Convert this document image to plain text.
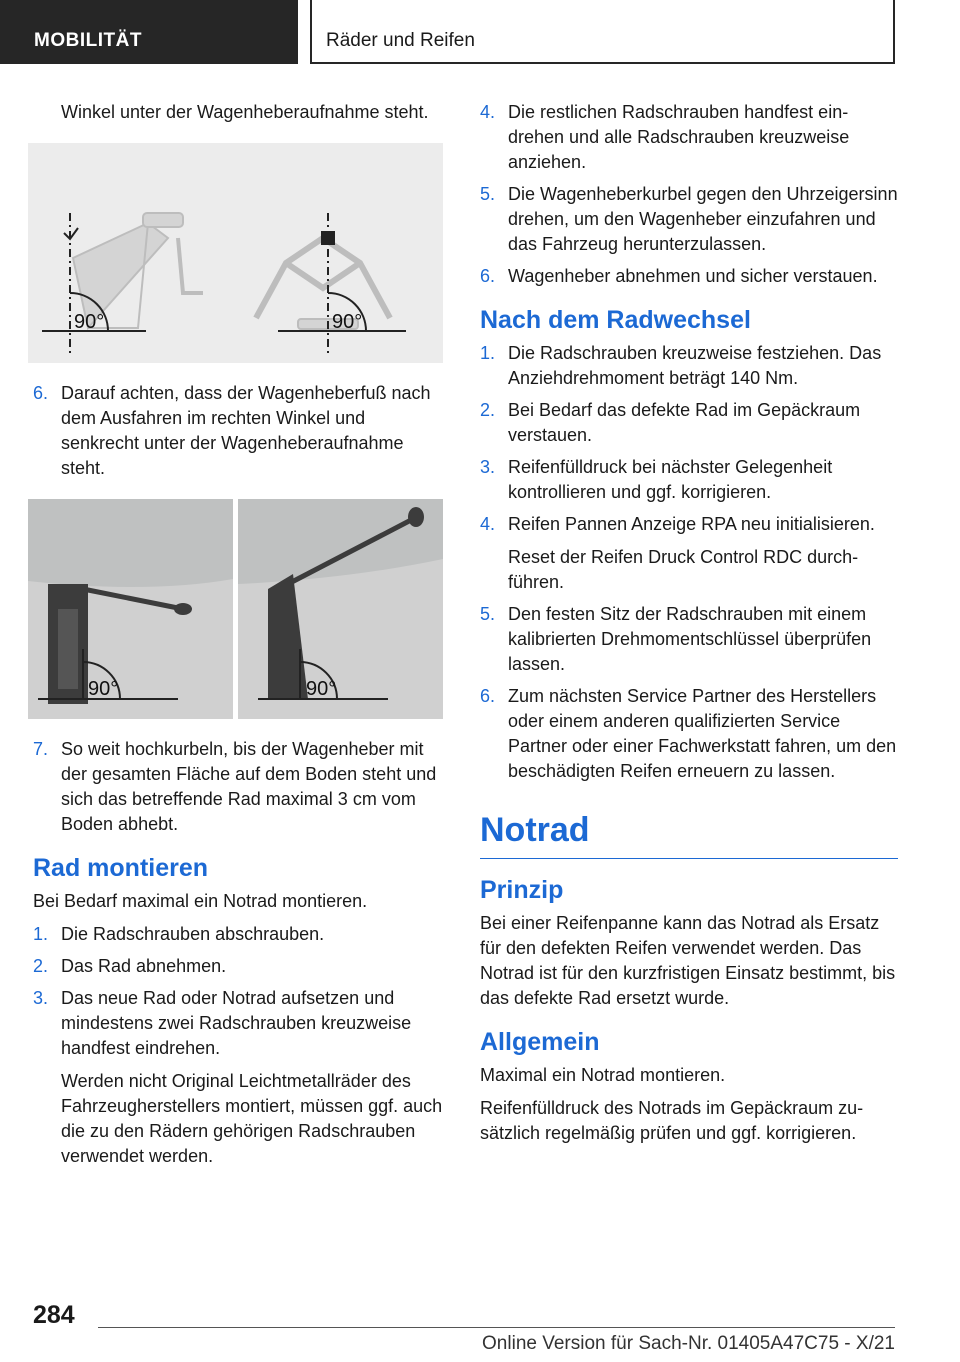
MOBILITÄT	Räder und Reifen

Winkel unter der Wagenheberaufnahme steht.

90°	90°
6 . Darauf achten, dass der Wagenheberfuß nach dem Ausfahren im rechten Winkel und senkrecht unter der Wagenheberaufnahme steht.

90°	90°
7 . So weit hochkurbeln, bis der Wagenheber mit der gesamten Fläche auf dem Boden steht und sich das betreffende Rad maximal 3 cm vom Boden abhebt.

Rad montieren

Bei Bedarf maximal ein Notrad montieren.

1 . Die Radschrauben abschrauben.

2 . Das Rad abnehmen.

3 . Das neue Rad oder Notrad aufsetzen und mindestens zwei Radschrauben kreuzweise handfest eindrehen.

Werden nicht Original Leichtmetallräder des Fahrzeugherstellers montiert, müssen ggf. auch die zu den Rädern gehörigen Radschrauben verwendet werden.

4 . Die restlichen Radschrauben handfest eindrehen und alle Radschrauben kreuzweise anziehen.

5 . Die Wagenheberkurbel gegen den Uhrzeigersinn drehen, um den Wagenheber einzufahren und das Fahrzeug herunterzulassen.

6 . Wagenheber abnehmen und sicher verstauen.

Nach dem Radwechsel
1 . Die Radschrauben kreuzweise festziehen. Das Anziehdrehmoment beträgt 140 Nm.

2 . Bei Bedarf das defekte Rad im Gepäckraum verstauen.

3 . Reifenfülldruck bei nächster Gelegenheit kontrollieren und ggf. korrigieren.

4 . Reifen Pannen Anzeige RPA neu initialisieren.

Reset der Reifen Druck Control RDC durchführen.

5 . Den festen Sitz der Radschrauben mit einem kalibrierten Drehmomentschlüssel überprüfen lassen.

6 . Zum nächsten Service Partner des Herstellers oder einem anderen qualifizierten Service Partner oder einer Fachwerkstatt fahren, um den beschädigten Reifen erneuern zu lassen.

Notrad
Prinzip

Bei einer Reifenpanne kann das Notrad als Ersatz für den defekten Reifen verwendet werden. Das Notrad ist für den kurzfristigen Einsatz bestimmt, bis das defekte Rad ersetzt wurde.

Allgemein

Maximal ein Notrad montieren.

Reifenfülldruck des Notrads im Gepäckraum zusätzlich regelmäßig prüfen und ggf. korrigieren.

284
Online Version für Sach-Nr. 01405A47C75 - X/21
